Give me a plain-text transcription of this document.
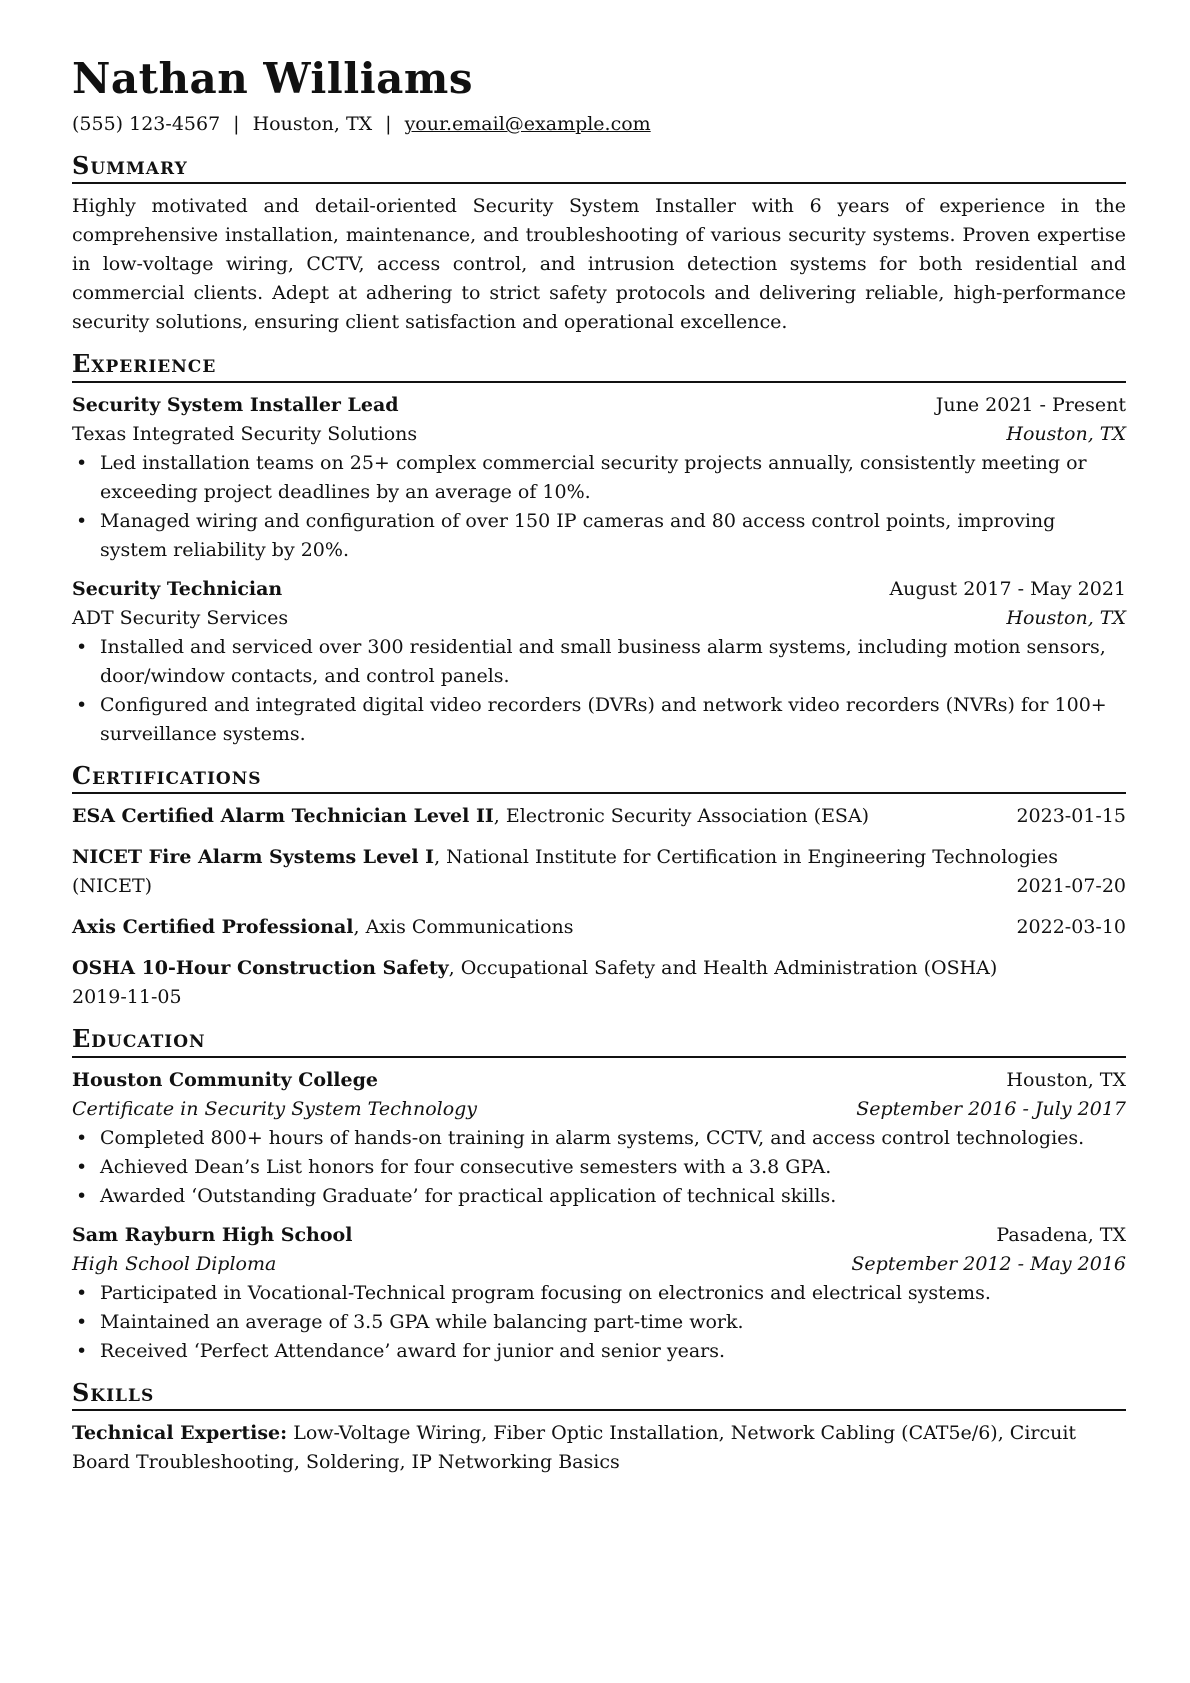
Nathan Williams
(555) 123-4567 | Houston, TX | your.email@example.com
Summary

Highly motivated and detail-oriented Security System Installer with 6 years of experience in the comprehensive installation, maintenance, and troubleshooting of various security systems. Proven expertise in low-voltage wiring, CCTV, access control, and intrusion detection systems for both residential and commercial clients. Adept at adhering to strict safety protocols and delivering reliable, high-performance security solutions, ensuring client satisfaction and operational excellence.

Experience
Security System Installer Lead	June 2021 - Present
Texas Integrated Security Solutions	Houston, TX
• Led installation teams on 25+ complex commercial security projects annually, consistently meeting or exceeding project deadlines by an average of 10%.
• Managed wiring and configuration of over 150 IP cameras and 80 access control points, improving system reliability by 20%.
Security Technician	August 2017 - May 2021
ADT Security Services	Houston, TX
• Installed and serviced over 300 residential and small business alarm systems, including motion sensors, door/window contacts, and control panels.
• Configured and integrated digital video recorders (DVRs) and network video recorders (NVRs) for 100+ surveillance systems.
Certifications
ESA Certified Alarm Technician Level II, Electronic Security Association (ESA)	2023-01-15
NICET Fire Alarm Systems Level I, National Institute for Certification in Engineering Technologies
(NICET)	2021-07-20
Axis Certified Professional, Axis Communications	2022-03-10
OSHA 10-Hour Construction Safety, Occupational Safety and Health Administration (OSHA)
2019-11-05
Education
Houston Community College	Houston, TX
Certificate in Security System Technology	September 2016 - July 2017
• Completed 800+ hours of hands-on training in alarm systems, CCTV, and access control technologies.
• Achieved Dean’s List honors for four consecutive semesters with a 3.8 GPA.
• Awarded ‘Outstanding Graduate’ for practical application of technical skills.
Sam Rayburn High School	Pasadena, TX
High School Diploma	September 2012 - May 2016
• Participated in Vocational-Technical program focusing on electronics and electrical systems.
• Maintained an average of 3.5 GPA while balancing part-time work.
• Received ‘Perfect Attendance’ award for junior and senior years.
Skills

Technical Expertise: Low-Voltage Wiring, Fiber Optic Installation, Network Cabling (CAT5e/6), Circuit Board Troubleshooting, Soldering, IP Networking Basics
